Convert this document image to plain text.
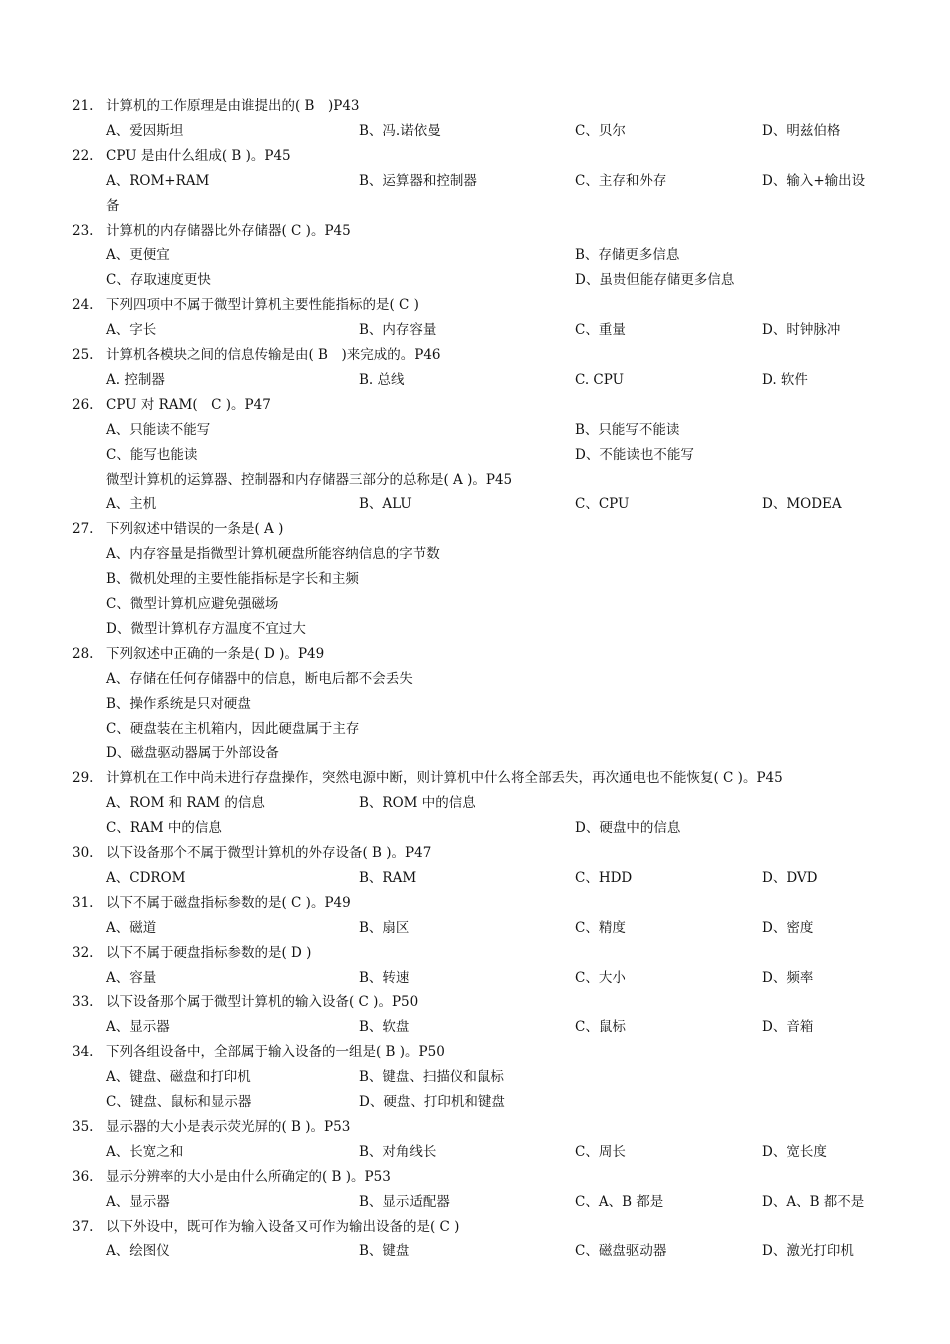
21. 计算机的工作原理是由谁提出的( B　)P43
A、爱因斯坦	B、冯.诺依曼	C、贝尔	D、明兹伯格
22. CPU 是由什么组成( B )。P45
A、ROM+RAM	B、运算器和控制器	C、主存和外存	D、输入+输出设
备
23. 计算机的内存储器比外存储器( C )。P45
A、更便宜	B、存储更多信息
C、存取速度更快	D、虽贵但能存储更多信息
24. 下列四项中不属于微型计算机主要性能指标的是( C )
A、字长	B、内存容量	C、重量	D、时钟脉冲
25. 计算机各模块之间的信息传输是由( B　)来完成的。P46
A. 控制器	B. 总线	C. CPU	D. 软件
26. CPU 对 RAM(　C )。P47
A、只能读不能写	B、只能写不能读
C、能写也能读	D、不能读也不能写
微型计算机的运算器、控制器和内存储器三部分的总称是( A )。P45
A、主机	B、ALU	C、CPU	D、MODEA
27. 下列叙述中错误的一条是( A )
A、内存容量是指微型计算机硬盘所能容纳信息的字节数
B、微机处理的主要性能指标是字长和主频
C、微型计算机应避免强磁场
D、微型计算机存方温度不宜过大
28. 下列叙述中正确的一条是( D )。P49
A、存储在任何存储器中的信息，断电后都不会丢失
B、操作系统是只对硬盘
C、硬盘装在主机箱内，因此硬盘属于主存
D、磁盘驱动器属于外部设备
29. 计算机在工作中尚未进行存盘操作，突然电源中断，则计算机中什么将全部丢失，再次通电也不能恢复( C )。P45
A、ROM 和 RAM 的信息	B、ROM 中的信息
C、RAM 中的信息	D、硬盘中的信息
30. 以下设备那个不属于微型计算机的外存设备( B )。P47
A、CDROM	B、RAM	C、HDD	D、DVD
31. 以下不属于磁盘指标参数的是( C )。P49
A、磁道	B、扇区	C、精度	D、密度
32. 以下不属于硬盘指标参数的是( D )
A、容量	B、转速	C、大小	D、频率
33. 以下设备那个属于微型计算机的输入设备( C )。P50
A、显示器	B、软盘	C、鼠标	D、音箱
34. 下列各组设备中，全部属于输入设备的一组是( B )。P50
A、键盘、磁盘和打印机	B、键盘、扫描仪和鼠标
C、键盘、鼠标和显示器	D、硬盘、打印机和键盘
35. 显示器的大小是表示荧光屏的( B )。P53
A、长宽之和	B、对角线长	C、周长	D、宽长度
36. 显示分辨率的大小是由什么所确定的( B )。P53
A、显示器	B、显示适配器	C、A、B 都是	D、A、B 都不是
37. 以下外设中，既可作为输入设备又可作为输出设备的是( C )
A、绘图仪	B、键盘	C、磁盘驱动器	D、激光打印机
